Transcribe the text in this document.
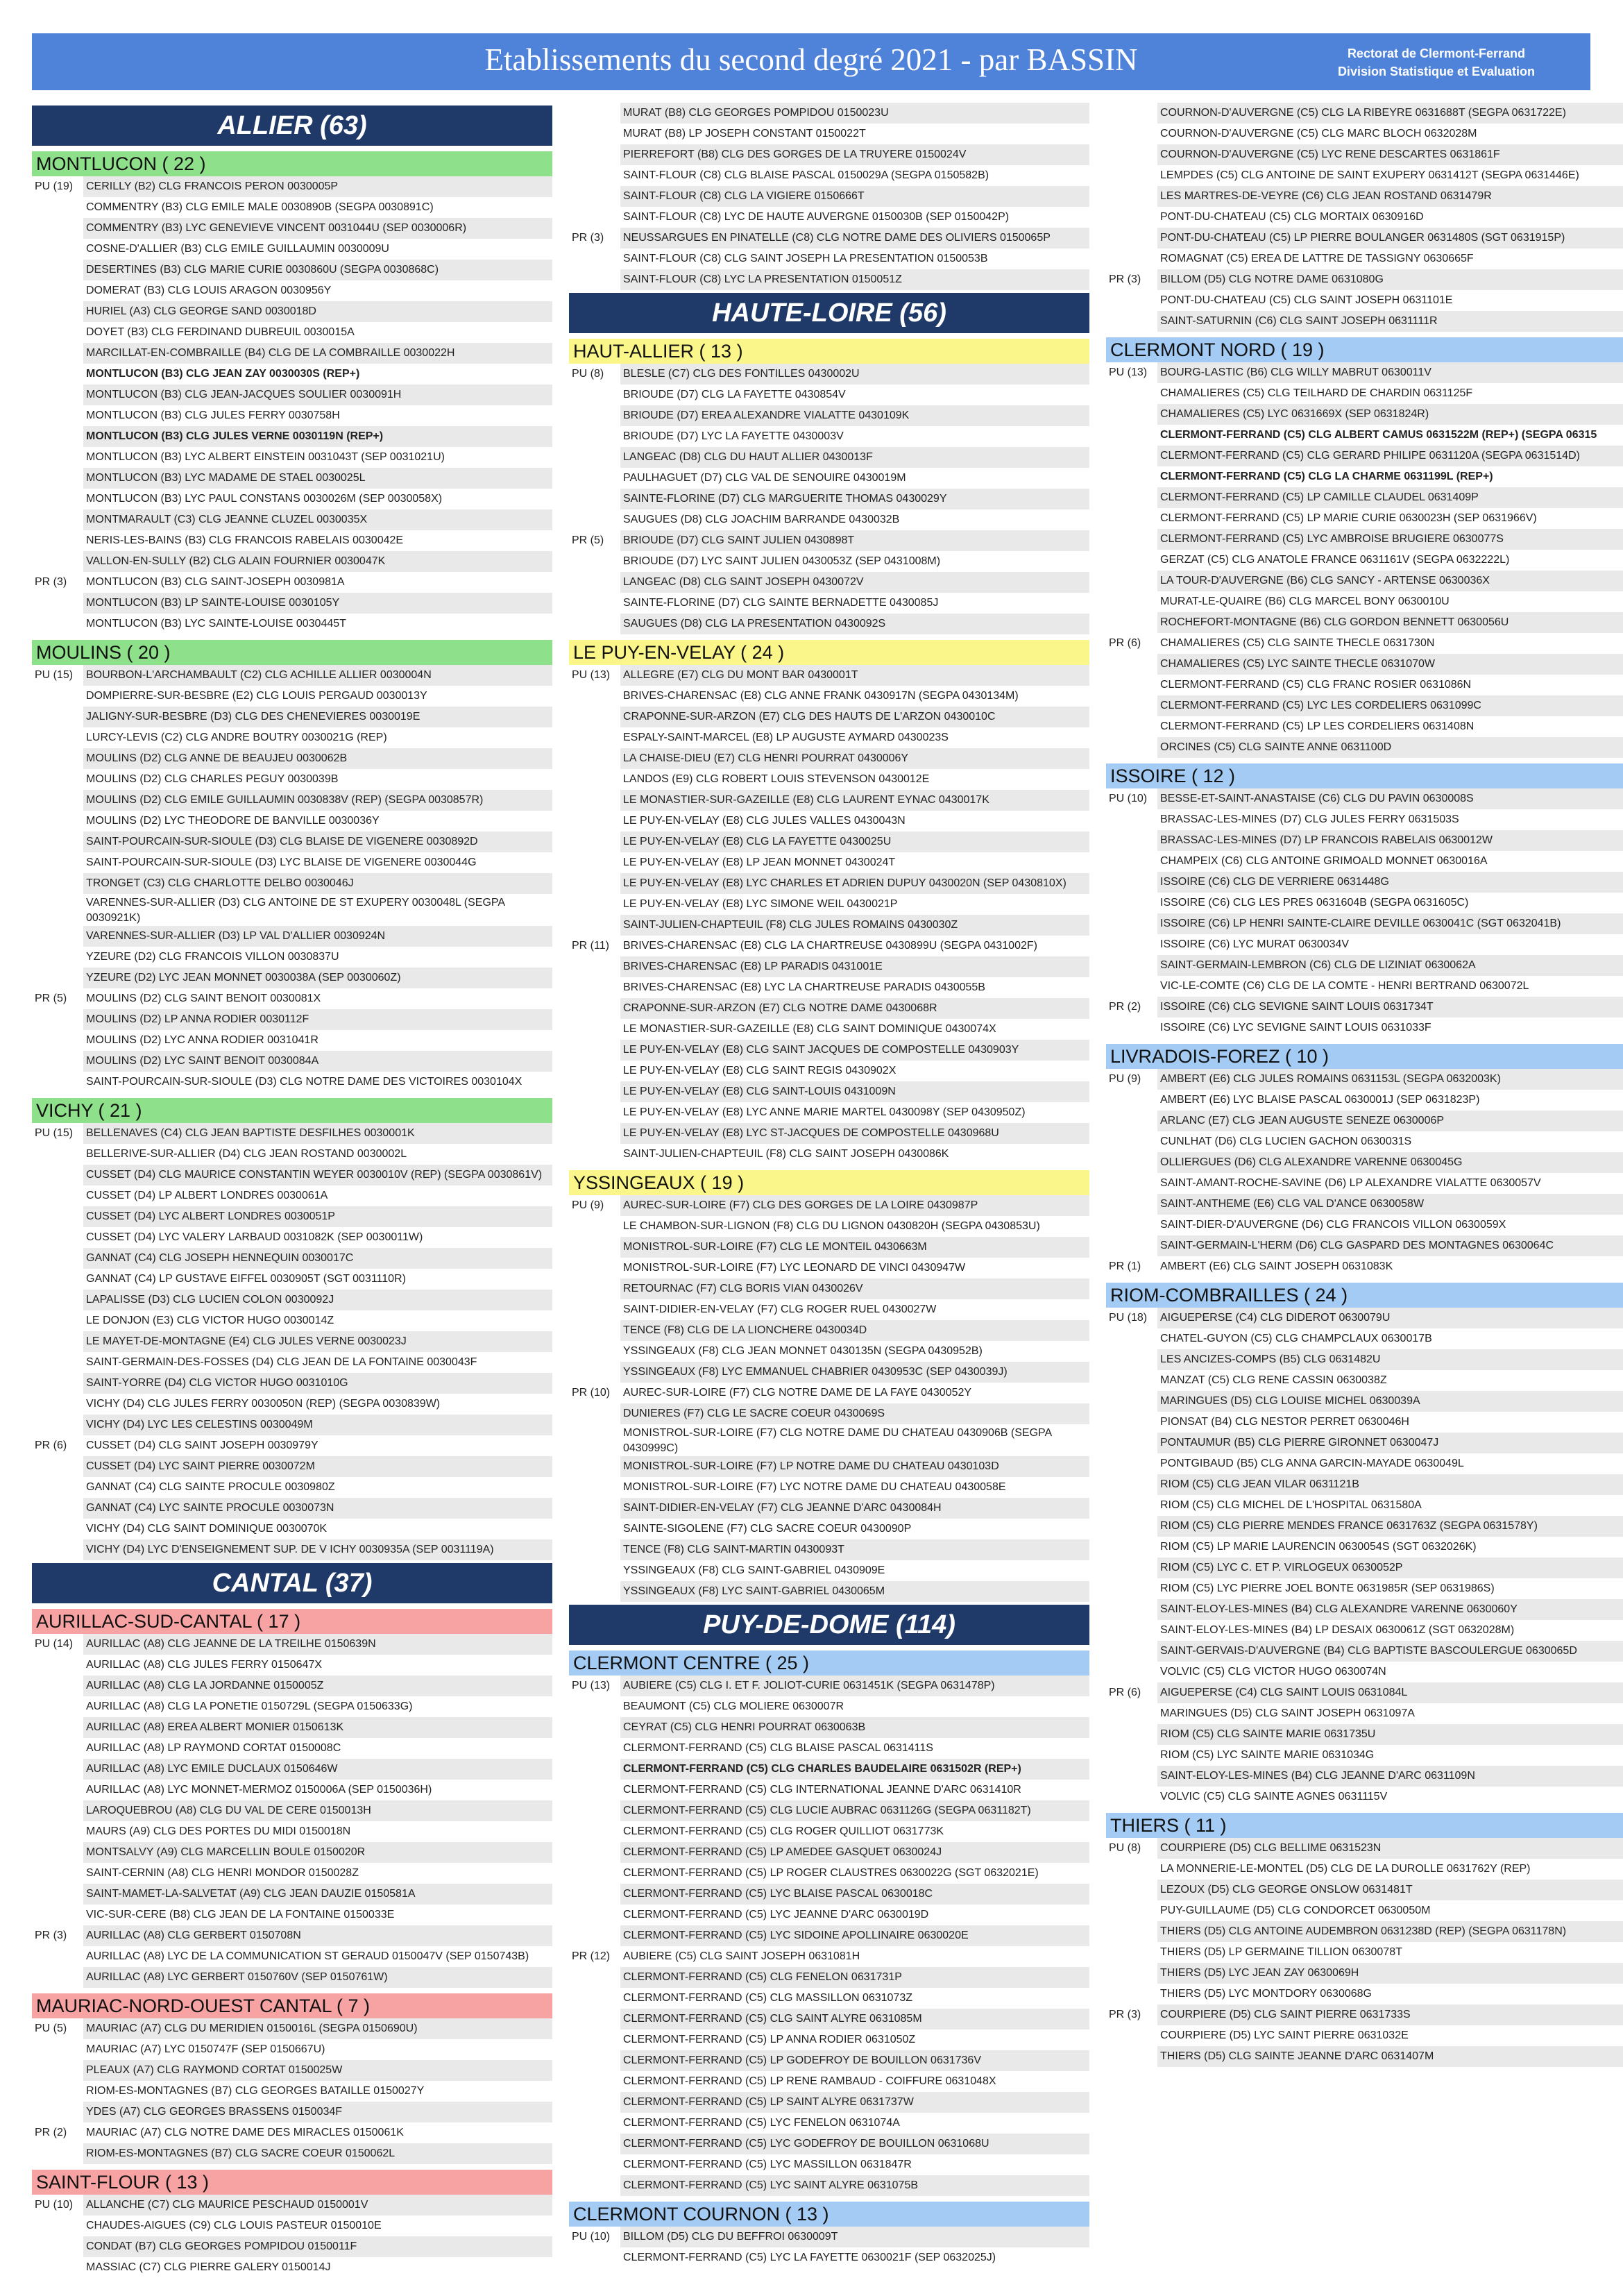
Etablissements du second degré 2021 - par BASSIN	Rectorat de Clermont-Ferrand
Division Statistique et Evaluation
ALLIER (63)
MONTLUCON ( 22 )
PU (19) CERILLY (B2) CLG FRANCOIS PERON 0030005P
COMMENTRY (B3) CLG EMILE MALE 0030890B (SEGPA 0030891C)
COMMENTRY (B3) LYC GENEVIEVE VINCENT 0031044U (SEP 0030006R)
COSNE-D'ALLIER (B3) CLG EMILE GUILLAUMIN 0030009U
DESERTINES (B3) CLG MARIE CURIE 0030860U (SEGPA 0030868C)
DOMERAT (B3) CLG LOUIS ARAGON 0030956Y
HURIEL (A3) CLG GEORGE SAND 0030018D
DOYET (B3) CLG FERDINAND DUBREUIL 0030015A
MARCILLAT-EN-COMBRAILLE (B4) CLG DE LA COMBRAILLE 0030022H
MONTLUCON (B3) CLG JEAN ZAY 0030030S (REP+)
MONTLUCON (B3) CLG JEAN-JACQUES SOULIER 0030091H
MONTLUCON (B3) CLG JULES FERRY 0030758H
MONTLUCON (B3) CLG JULES VERNE 0030119N (REP+)
MONTLUCON (B3) LYC ALBERT EINSTEIN 0031043T (SEP 0031021U)
MONTLUCON (B3) LYC MADAME DE STAEL 0030025L
MONTLUCON (B3) LYC PAUL CONSTANS 0030026M (SEP 0030058X)
MONTMARAULT (C3) CLG JEANNE CLUZEL 0030035X
NERIS-LES-BAINS (B3) CLG FRANCOIS RABELAIS 0030042E
VALLON-EN-SULLY (B2) CLG ALAIN FOURNIER 0030047K
PR (3) MONTLUCON (B3) CLG SAINT-JOSEPH 0030981A
MONTLUCON (B3) LP SAINTE-LOUISE 0030105Y
MONTLUCON (B3) LYC SAINTE-LOUISE 0030445T
MOULINS ( 20 )
PU (15) BOURBON-L'ARCHAMBAULT (C2) CLG ACHILLE ALLIER 0030004N
DOMPIERRE-SUR-BESBRE (E2) CLG LOUIS PERGAUD 0030013Y
JALIGNY-SUR-BESBRE (D3) CLG DES CHENEVIERES 0030019E
LURCY-LEVIS (C2) CLG ANDRE BOUTRY 0030021G (REP)
MOULINS (D2) CLG ANNE DE BEAUJEU 0030062B
MOULINS (D2) CLG CHARLES PEGUY 0030039B
MOULINS (D2) CLG EMILE GUILLAUMIN 0030838V (REP) (SEGPA 0030857R)
MOULINS (D2) LYC THEODORE DE BANVILLE 0030036Y
SAINT-POURCAIN-SUR-SIOULE (D3) CLG BLAISE DE VIGENERE 0030892D
SAINT-POURCAIN-SUR-SIOULE (D3) LYC BLAISE DE VIGENERE 0030044G
TRONGET (C3) CLG CHARLOTTE DELBO 0030046J
VARENNES-SUR-ALLIER (D3) CLG ANTOINE DE ST EXUPERY 0030048L (SEGPA 0030921K)
VARENNES-SUR-ALLIER (D3) LP VAL D'ALLIER 0030924N
YZEURE (D2) CLG FRANCOIS VILLON 0030837U
YZEURE (D2) LYC JEAN MONNET 0030038A (SEP 0030060Z)
PR (5) MOULINS (D2) CLG SAINT BENOIT 0030081X
MOULINS (D2) LP ANNA RODIER 0030112F
MOULINS (D2) LYC ANNA RODIER 0031041R
MOULINS (D2) LYC SAINT BENOIT 0030084A
SAINT-POURCAIN-SUR-SIOULE (D3) CLG NOTRE DAME DES VICTOIRES 0030104X
VICHY ( 21 )
PU (15) BELLENAVES (C4) CLG JEAN BAPTISTE DESFILHES 0030001K
BELLERIVE-SUR-ALLIER (D4) CLG JEAN ROSTAND 0030002L
CUSSET (D4) CLG MAURICE CONSTANTIN WEYER 0030010V (REP) (SEGPA 0030861V)
CUSSET (D4) LP ALBERT LONDRES 0030061A
CUSSET (D4) LYC ALBERT LONDRES 0030051P
CUSSET (D4) LYC VALERY LARBAUD 0031082K (SEP 0030011W)
GANNAT (C4) CLG JOSEPH HENNEQUIN 0030017C
GANNAT (C4) LP GUSTAVE EIFFEL 0030905T (SGT 0031110R)
LAPALISSE (D3) CLG LUCIEN COLON 0030092J
LE DONJON (E3) CLG VICTOR HUGO 0030014Z
LE MAYET-DE-MONTAGNE (E4) CLG JULES VERNE 0030023J
SAINT-GERMAIN-DES-FOSSES (D4) CLG JEAN DE LA FONTAINE 0030043F
SAINT-YORRE (D4) CLG VICTOR HUGO 0031010G
VICHY (D4) CLG JULES FERRY 0030050N (REP) (SEGPA 0030839W)
VICHY (D4) LYC LES CELESTINS 0030049M
PR (6) CUSSET (D4) CLG SAINT JOSEPH 0030979Y
CUSSET (D4) LYC SAINT PIERRE 0030072M
GANNAT (C4) CLG SAINTE PROCULE 0030980Z
GANNAT (C4) LYC SAINTE PROCULE 0030073N
VICHY (D4) CLG SAINT DOMINIQUE 0030070K
VICHY (D4) LYC D'ENSEIGNEMENT SUP. DE V ICHY 0030935A (SEP 0031119A)
CANTAL (37)
AURILLAC-SUD-CANTAL ( 17 )
PU (14) AURILLAC (A8) CLG JEANNE DE LA TREILHE 0150639N
AURILLAC (A8) CLG JULES FERRY 0150647X
AURILLAC (A8) CLG LA JORDANNE 0150005Z
AURILLAC (A8) CLG LA PONETIE 0150729L (SEGPA 0150633G)
AURILLAC (A8) EREA ALBERT MONIER 0150613K
AURILLAC (A8) LP RAYMOND CORTAT 0150008C
AURILLAC (A8) LYC EMILE DUCLAUX 0150646W
AURILLAC (A8) LYC MONNET-MERMOZ 0150006A (SEP 0150036H)
LAROQUEBROU (A8) CLG DU VAL DE CERE 0150013H
MAURS (A9) CLG DES PORTES DU MIDI 0150018N
MONTSALVY (A9) CLG MARCELLIN BOULE 0150020R
SAINT-CERNIN (A8) CLG HENRI MONDOR 0150028Z
SAINT-MAMET-LA-SALVETAT (A9) CLG JEAN DAUZIE 0150581A
VIC-SUR-CERE (B8) CLG JEAN DE LA FONTAINE 0150033E
PR (3) AURILLAC (A8) CLG GERBERT 0150708N
AURILLAC (A8) LYC DE LA COMMUNICATION ST GERAUD 0150047V (SEP 0150743B)
AURILLAC (A8) LYC GERBERT 0150760V (SEP 0150761W)
MAURIAC-NORD-OUEST CANTAL ( 7 )
PU (5) MAURIAC (A7) CLG DU MERIDIEN 0150016L (SEGPA 0150690U)
MAURIAC (A7) LYC 0150747F (SEP 0150667U)
PLEAUX (A7) CLG RAYMOND CORTAT 0150025W
RIOM-ES-MONTAGNES (B7) CLG GEORGES BATAILLE 0150027Y
YDES (A7) CLG GEORGES BRASSENS 0150034F
PR (2) MAURIAC (A7) CLG NOTRE DAME DES MIRACLES 0150061K
RIOM-ES-MONTAGNES (B7) CLG SACRE COEUR 0150062L
SAINT-FLOUR ( 13 )
PU (10) ALLANCHE (C7) CLG MAURICE PESCHAUD 0150001V
CHAUDES-AIGUES (C9) CLG LOUIS PASTEUR 0150010E
CONDAT (B7) CLG GEORGES POMPIDOU 0150011F
MASSIAC (C7) CLG PIERRE GALERY 0150014J
MURAT (B8) CLG GEORGES POMPIDOU 0150023U
MURAT (B8) LP JOSEPH CONSTANT 0150022T
PIERREFORT (B8) CLG DES GORGES DE LA TRUYERE 0150024V
SAINT-FLOUR (C8) CLG BLAISE PASCAL 0150029A (SEGPA 0150582B)
SAINT-FLOUR (C8) CLG LA VIGIERE 0150666T
SAINT-FLOUR (C8) LYC DE HAUTE AUVERGNE 0150030B (SEP 0150042P)
PR (3) NEUSSARGUES EN PINATELLE (C8) CLG NOTRE DAME DES OLIVIERS 0150065P
SAINT-FLOUR (C8) CLG SAINT JOSEPH LA PRESENTATION 0150053B
SAINT-FLOUR (C8) LYC LA PRESENTATION 0150051Z
HAUTE-LOIRE (56)
HAUT-ALLIER ( 13 )
PU (8) BLESLE (C7) CLG DES FONTILLES 0430002U
BRIOUDE (D7) CLG LA FAYETTE 0430854V
BRIOUDE (D7) EREA ALEXANDRE VIALATTE 0430109K
BRIOUDE (D7) LYC LA FAYETTE 0430003V
LANGEAC (D8) CLG DU HAUT ALLIER 0430013F
PAULHAGUET (D7) CLG VAL DE SENOUIRE 0430019M
SAINTE-FLORINE (D7) CLG MARGUERITE THOMAS 0430029Y
SAUGUES (D8) CLG JOACHIM BARRANDE 0430032B
PR (5) BRIOUDE (D7) CLG SAINT JULIEN 0430898T
BRIOUDE (D7) LYC SAINT JULIEN 0430053Z (SEP 0431008M)
LANGEAC (D8) CLG SAINT JOSEPH 0430072V
SAINTE-FLORINE (D7) CLG SAINTE BERNADETTE 0430085J
SAUGUES (D8) CLG LA PRESENTATION 0430092S
LE PUY-EN-VELAY ( 24 )
PU (13) ALLEGRE (E7) CLG DU MONT BAR 0430001T
BRIVES-CHARENSAC (E8) CLG ANNE FRANK 0430917N (SEGPA 0430134M)
CRAPONNE-SUR-ARZON (E7) CLG DES HAUTS DE L'ARZON 0430010C
ESPALY-SAINT-MARCEL (E8) LP AUGUSTE AYMARD 0430023S
LA CHAISE-DIEU (E7) CLG HENRI POURRAT 0430006Y
LANDOS (E9) CLG ROBERT LOUIS STEVENSON 0430012E
LE MONASTIER-SUR-GAZEILLE (E8) CLG LAURENT EYNAC 0430017K
LE PUY-EN-VELAY (E8) CLG JULES VALLES 0430043N
LE PUY-EN-VELAY (E8) CLG LA FAYETTE 0430025U
LE PUY-EN-VELAY (E8) LP JEAN MONNET 0430024T
LE PUY-EN-VELAY (E8) LYC CHARLES ET ADRIEN DUPUY 0430020N (SEP 0430810X)
LE PUY-EN-VELAY (E8) LYC SIMONE WEIL 0430021P
SAINT-JULIEN-CHAPTEUIL (F8) CLG JULES ROMAINS 0430030Z
PR (11) BRIVES-CHARENSAC (E8) CLG LA CHARTREUSE 0430899U (SEGPA 0431002F)
BRIVES-CHARENSAC (E8) LP PARADIS 0431001E
BRIVES-CHARENSAC (E8) LYC LA CHARTREUSE PARADIS 0430055B
CRAPONNE-SUR-ARZON (E7) CLG NOTRE DAME 0430068R
LE MONASTIER-SUR-GAZEILLE (E8) CLG SAINT DOMINIQUE 0430074X
LE PUY-EN-VELAY (E8) CLG SAINT JACQUES DE COMPOSTELLE 0430903Y
LE PUY-EN-VELAY (E8) CLG SAINT REGIS 0430902X
LE PUY-EN-VELAY (E8) CLG SAINT-LOUIS 0431009N
LE PUY-EN-VELAY (E8) LYC ANNE MARIE MARTEL 0430098Y (SEP 0430950Z)
LE PUY-EN-VELAY (E8) LYC ST-JACQUES DE COMPOSTELLE 0430968U
SAINT-JULIEN-CHAPTEUIL (F8) CLG SAINT JOSEPH 0430086K
YSSINGEAUX ( 19 )
PU (9) AUREC-SUR-LOIRE (F7) CLG DES GORGES DE LA LOIRE 0430987P
LE CHAMBON-SUR-LIGNON (F8) CLG DU LIGNON 0430820H (SEGPA 0430853U)
MONISTROL-SUR-LOIRE (F7) CLG LE MONTEIL 0430663M
MONISTROL-SUR-LOIRE (F7) LYC LEONARD DE VINCI 0430947W
RETOURNAC (F7) CLG BORIS VIAN 0430026V
SAINT-DIDIER-EN-VELAY (F7) CLG ROGER RUEL 0430027W
TENCE (F8) CLG DE LA LIONCHERE 0430034D
YSSINGEAUX (F8) CLG JEAN MONNET 0430135N (SEGPA 0430952B)
YSSINGEAUX (F8) LYC EMMANUEL CHABRIER 0430953C (SEP 0430039J)
PR (10) AUREC-SUR-LOIRE (F7) CLG NOTRE DAME DE LA FAYE 0430052Y
DUNIERES (F7) CLG LE SACRE COEUR 0430069S
MONISTROL-SUR-LOIRE (F7) CLG NOTRE DAME DU CHATEAU 0430906B (SEGPA 0430999C)
MONISTROL-SUR-LOIRE (F7) LP NOTRE DAME DU CHATEAU 0430103D
MONISTROL-SUR-LOIRE (F7) LYC NOTRE DAME DU CHATEAU 0430058E
SAINT-DIDIER-EN-VELAY (F7) CLG JEANNE D'ARC 0430084H
SAINTE-SIGOLENE (F7) CLG SACRE COEUR 0430090P
TENCE (F8) CLG SAINT-MARTIN 0430093T
YSSINGEAUX (F8) CLG SAINT-GABRIEL 0430909E
YSSINGEAUX (F8) LYC SAINT-GABRIEL 0430065M
PUY-DE-DOME (114)
CLERMONT CENTRE ( 25 )
PU (13) AUBIERE (C5) CLG I. ET F. JOLIOT-CURIE 0631451K (SEGPA 0631478P)
BEAUMONT (C5) CLG MOLIERE 0630007R
CEYRAT (C5) CLG HENRI POURRAT 0630063B
CLERMONT-FERRAND (C5) CLG BLAISE PASCAL 0631411S
CLERMONT-FERRAND (C5) CLG CHARLES BAUDELAIRE 0631502R (REP+)
CLERMONT-FERRAND (C5) CLG INTERNATIONAL JEANNE D'ARC 0631410R
CLERMONT-FERRAND (C5) CLG LUCIE AUBRAC 0631126G (SEGPA 0631182T)
CLERMONT-FERRAND (C5) CLG ROGER QUILLIOT 0631773K
CLERMONT-FERRAND (C5) LP AMEDEE GASQUET 0630024J
CLERMONT-FERRAND (C5) LP ROGER CLAUSTRES 0630022G (SGT 0632021E)
CLERMONT-FERRAND (C5) LYC BLAISE PASCAL 0630018C
CLERMONT-FERRAND (C5) LYC JEANNE D'ARC 0630019D
CLERMONT-FERRAND (C5) LYC SIDOINE APOLLINAIRE 0630020E
PR (12) AUBIERE (C5) CLG SAINT JOSEPH 0631081H
CLERMONT-FERRAND (C5) CLG FENELON 0631731P
CLERMONT-FERRAND (C5) CLG MASSILLON 0631073Z
CLERMONT-FERRAND (C5) CLG SAINT ALYRE 0631085M
CLERMONT-FERRAND (C5) LP ANNA RODIER 0631050Z
CLERMONT-FERRAND (C5) LP GODEFROY DE BOUILLON 0631736V
CLERMONT-FERRAND (C5) LP RENE RAMBAUD - COIFFURE 0631048X
CLERMONT-FERRAND (C5) LP SAINT ALYRE 0631737W
CLERMONT-FERRAND (C5) LYC FENELON 0631074A
CLERMONT-FERRAND (C5) LYC GODEFROY DE BOUILLON 0631068U
CLERMONT-FERRAND (C5) LYC MASSILLON 0631847R
CLERMONT-FERRAND (C5) LYC SAINT ALYRE 0631075B
CLERMONT COURNON ( 13 )
PU (10) BILLOM (D5) CLG DU BEFFROI 0630009T
CLERMONT-FERRAND (C5) LYC LA FAYETTE 0630021F (SEP 0632025J)
COURNON-D'AUVERGNE (C5) CLG LA RIBEYRE 0631688T (SEGPA 0631722E)
COURNON-D'AUVERGNE (C5) CLG MARC BLOCH 0632028M
COURNON-D'AUVERGNE (C5) LYC RENE DESCARTES 0631861F
LEMPDES (C5) CLG ANTOINE DE SAINT EXUPERY 0631412T (SEGPA 0631446E)
LES MARTRES-DE-VEYRE (C6) CLG JEAN ROSTAND 0631479R
PONT-DU-CHATEAU (C5) CLG MORTAIX 0630916D
PONT-DU-CHATEAU (C5) LP PIERRE BOULANGER 0631480S (SGT 0631915P)
ROMAGNAT (C5) EREA DE LATTRE DE TASSIGNY 0630665F
PR (3) BILLOM (D5) CLG NOTRE DAME 0631080G
PONT-DU-CHATEAU (C5) CLG SAINT JOSEPH 0631101E
SAINT-SATURNIN (C6) CLG SAINT JOSEPH 0631111R
CLERMONT NORD ( 19 )
PU (13) BOURG-LASTIC (B6) CLG WILLY MABRUT 0630011V
CHAMALIERES (C5) CLG TEILHARD DE CHARDIN 0631125F
CHAMALIERES (C5) LYC 0631669X (SEP 0631824R)
CLERMONT-FERRAND (C5) CLG ALBERT CAMUS 0631522M (REP+) (SEGPA 06315
CLERMONT-FERRAND (C5) CLG GERARD PHILIPE 0631120A (SEGPA 0631514D)
CLERMONT-FERRAND (C5) CLG LA CHARME 0631199L (REP+)
CLERMONT-FERRAND (C5) LP CAMILLE CLAUDEL 0631409P
CLERMONT-FERRAND (C5) LP MARIE CURIE 0630023H (SEP 0631966V)
CLERMONT-FERRAND (C5) LYC AMBROISE BRUGIERE 0630077S
GERZAT (C5) CLG ANATOLE FRANCE 0631161V (SEGPA 0632222L)
LA TOUR-D'AUVERGNE (B6) CLG SANCY - ARTENSE 0630036X
MURAT-LE-QUAIRE (B6) CLG MARCEL BONY 0630010U
ROCHEFORT-MONTAGNE (B6) CLG GORDON BENNETT 0630056U
PR (6) CHAMALIERES (C5) CLG SAINTE THECLE 0631730N
CHAMALIERES (C5) LYC SAINTE THECLE 0631070W
CLERMONT-FERRAND (C5) CLG FRANC ROSIER 0631086N
CLERMONT-FERRAND (C5) LYC LES CORDELIERS 0631099C
CLERMONT-FERRAND (C5) LP LES CORDELIERS 0631408N
ORCINES (C5) CLG SAINTE ANNE 0631100D
ISSOIRE ( 12 )
PU (10) BESSE-ET-SAINT-ANASTAISE (C6) CLG DU PAVIN 0630008S
BRASSAC-LES-MINES (D7) CLG JULES FERRY 0631503S
BRASSAC-LES-MINES (D7) LP FRANCOIS RABELAIS 0630012W
CHAMPEIX (C6) CLG ANTOINE GRIMOALD MONNET 0630016A
ISSOIRE (C6) CLG DE VERRIERE 0631448G
ISSOIRE (C6) CLG LES PRES 0631604B (SEGPA 0631605C)
ISSOIRE (C6) LP HENRI SAINTE-CLAIRE DEVILLE 0630041C (SGT 0632041B)
ISSOIRE (C6) LYC MURAT 0630034V
SAINT-GERMAIN-LEMBRON (C6) CLG DE LIZINIAT 0630062A
VIC-LE-COMTE (C6) CLG DE LA COMTE - HENRI BERTRAND 0630072L
PR (2) ISSOIRE (C6) CLG SEVIGNE SAINT LOUIS 0631734T
ISSOIRE (C6) LYC SEVIGNE SAINT LOUIS 0631033F
LIVRADOIS-FOREZ ( 10 )
PU (9) AMBERT (E6) CLG JULES ROMAINS 0631153L (SEGPA 0632003K)
AMBERT (E6) LYC BLAISE PASCAL 0630001J (SEP 0631823P)
ARLANC (E7) CLG JEAN AUGUSTE SENEZE 0630006P
CUNLHAT (D6) CLG LUCIEN GACHON 0630031S
OLLIERGUES (D6) CLG ALEXANDRE VARENNE 0630045G
SAINT-AMANT-ROCHE-SAVINE (D6) LP ALEXANDRE VIALATTE 0630057V
SAINT-ANTHEME (E6) CLG VAL D'ANCE 0630058W
SAINT-DIER-D'AUVERGNE (D6) CLG FRANCOIS VILLON 0630059X
SAINT-GERMAIN-L'HERM (D6) CLG GASPARD DES MONTAGNES 0630064C
PR (1) AMBERT (E6) CLG SAINT JOSEPH 0631083K
RIOM-COMBRAILLES ( 24 )
PU (18) AIGUEPERSE (C4) CLG DIDEROT 0630079U
CHATEL-GUYON (C5) CLG CHAMPCLAUX 0630017B
LES ANCIZES-COMPS (B5) CLG 0631482U
MANZAT (C5) CLG RENE CASSIN 0630038Z
MARINGUES (D5) CLG LOUISE MICHEL 0630039A
PIONSAT (B4) CLG NESTOR PERRET 0630046H
PONTAUMUR (B5) CLG PIERRE GIRONNET 0630047J
PONTGIBAUD (B5) CLG ANNA GARCIN-MAYADE 0630049L
RIOM (C5) CLG JEAN VILAR 0631121B
RIOM (C5) CLG MICHEL DE L'HOSPITAL 0631580A
RIOM (C5) CLG PIERRE MENDES FRANCE 0631763Z (SEGPA 0631578Y)
RIOM (C5) LP MARIE LAURENCIN 0630054S (SGT 0632026K)
RIOM (C5) LYC C. ET P. VIRLOGEUX 0630052P
RIOM (C5) LYC PIERRE JOEL BONTE 0631985R (SEP 0631986S)
SAINT-ELOY-LES-MINES (B4) CLG ALEXANDRE VARENNE 0630060Y
SAINT-ELOY-LES-MINES (B4) LP DESAIX 0630061Z (SGT 0632028M)
SAINT-GERVAIS-D'AUVERGNE (B4) CLG BAPTISTE BASCOULERGUE 0630065D
VOLVIC (C5) CLG VICTOR HUGO 0630074N
PR (6) AIGUEPERSE (C4) CLG SAINT LOUIS 0631084L
MARINGUES (D5) CLG SAINT JOSEPH 0631097A
RIOM (C5) CLG SAINTE MARIE 0631735U
RIOM (C5) LYC SAINTE MARIE 0631034G
SAINT-ELOY-LES-MINES (B4) CLG JEANNE D'ARC 0631109N
VOLVIC (C5) CLG SAINTE AGNES 0631115V
THIERS ( 11 )
PU (8) COURPIERE (D5) CLG BELLIME 0631523N
LA MONNERIE-LE-MONTEL (D5) CLG DE LA DUROLLE 0631762Y (REP)
LEZOUX (D5) CLG GEORGE ONSLOW 0631481T
PUY-GUILLAUME (D5) CLG CONDORCET 0630050M
THIERS (D5) CLG ANTOINE AUDEMBRON 0631238D (REP) (SEGPA 0631178N)
THIERS (D5) LP GERMAINE TILLION 0630078T
THIERS (D5) LYC JEAN ZAY 0630069H
THIERS (D5) LYC MONTDORY 0630068G
PR (3) COURPIERE (D5) CLG SAINT PIERRE 0631733S
COURPIERE (D5) LYC SAINT PIERRE 0631032E
THIERS (D5) CLG SAINTE JEANNE D'ARC 0631407M
